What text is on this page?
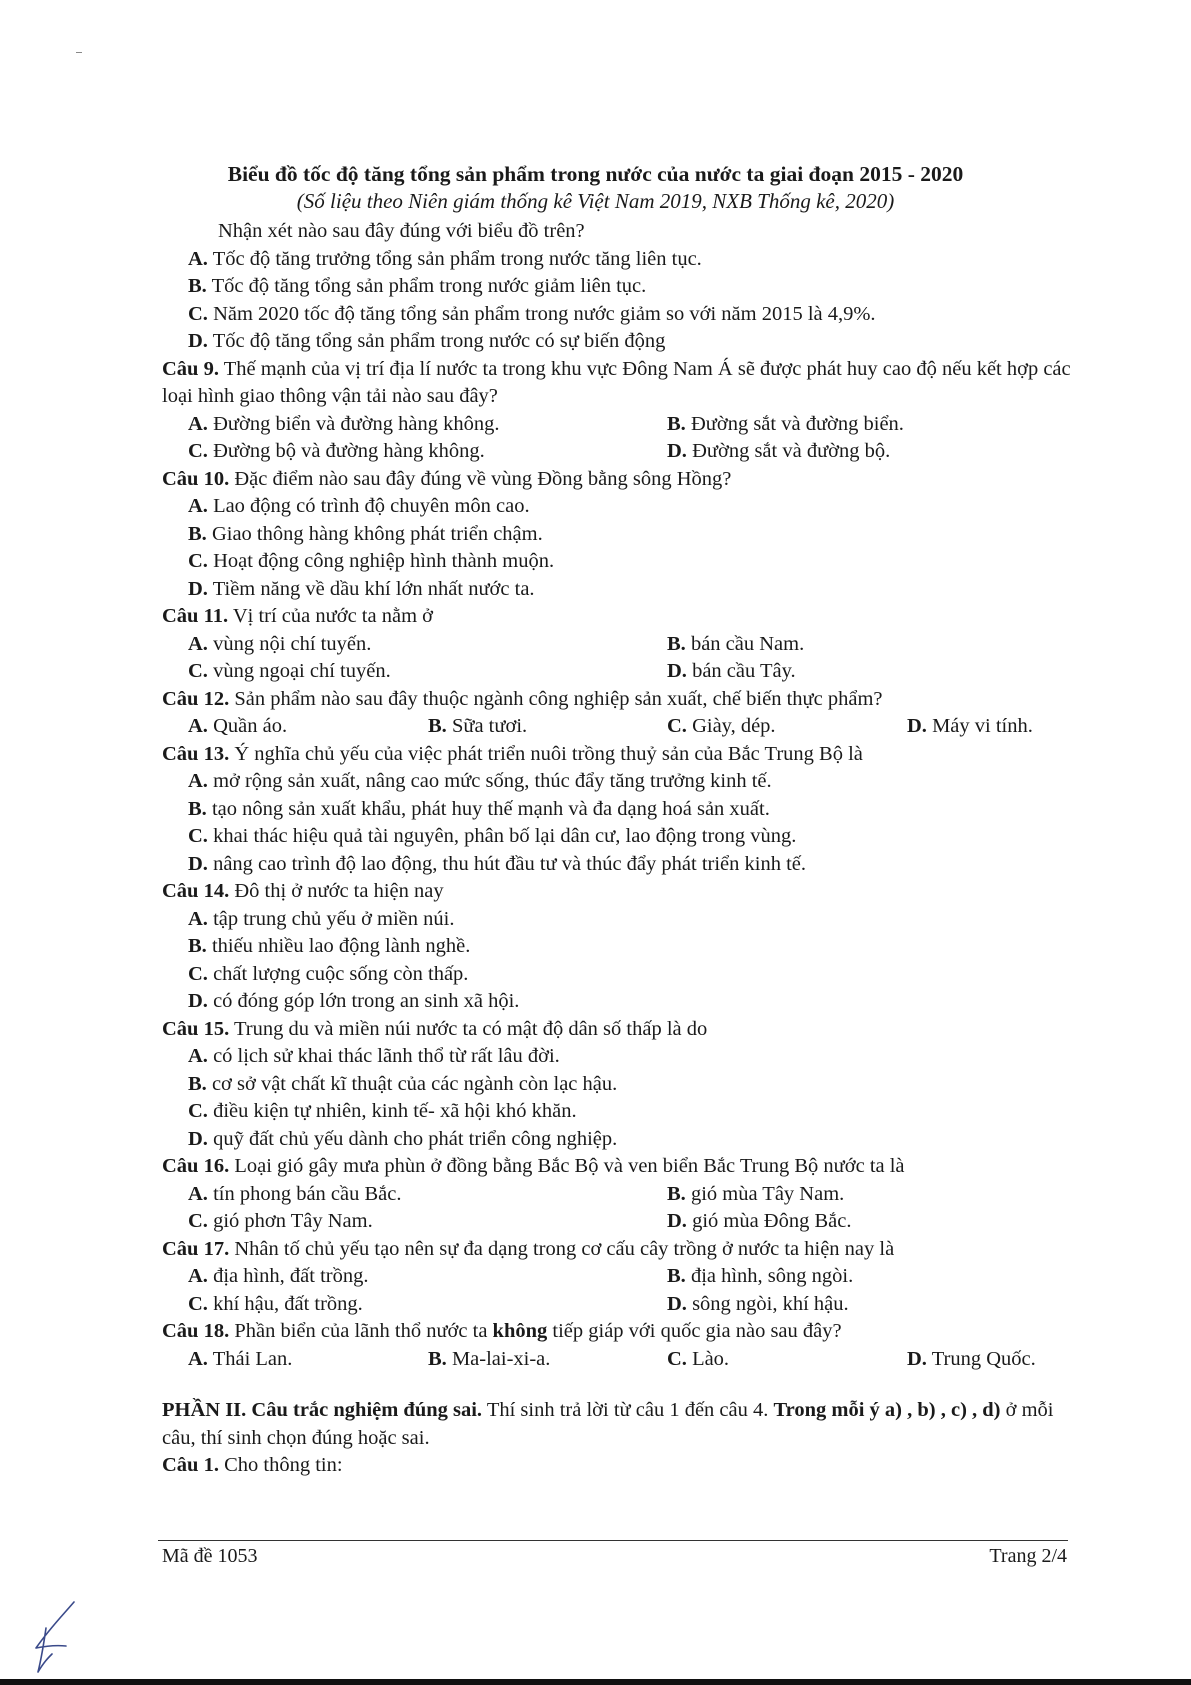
Biểu đồ tốc độ tăng tổng sản phẩm trong nước của nước ta giai đoạn 2015 - 2020
(Số liệu theo Niên giám thống kê Việt Nam 2019, NXB Thống kê, 2020)
Nhận xét nào sau đây đúng với biểu đồ trên?
A. Tốc độ tăng trưởng tổng sản phẩm trong nước tăng liên tục.
B. Tốc độ tăng tổng sản phẩm trong nước giảm liên tục.
C. Năm 2020 tốc độ tăng tổng sản phẩm trong nước giảm so với năm 2015 là 4,9%.
D. Tốc độ tăng tổng sản phẩm trong nước có sự biến động
Câu 9. Thế mạnh của vị trí địa lí nước ta trong khu vực Đông Nam Á sẽ được phát huy cao độ nếu kết hợp các loại hình giao thông vận tải nào sau đây?
A. Đường biển và đường hàng không.	B. Đường sắt và đường biển.
C. Đường bộ và đường hàng không.	D. Đường sắt và đường bộ.
Câu 10. Đặc điểm nào sau đây đúng về vùng Đồng bằng sông Hồng?
A. Lao động có trình độ chuyên môn cao.
B. Giao thông hàng không phát triển chậm.
C. Hoạt động công nghiệp hình thành muộn.
D. Tiềm năng về dầu khí lớn nhất nước ta.
Câu 11. Vị trí của nước ta nằm ở
A. vùng nội chí tuyến.	B. bán cầu Nam.
C. vùng ngoại chí tuyến.	D. bán cầu Tây.
Câu 12. Sản phẩm nào sau đây thuộc ngành công nghiệp sản xuất, chế biến thực phẩm?
A. Quần áo.	B. Sữa tươi.	C. Giày, dép.	D. Máy vi tính.
Câu 13. Ý nghĩa chủ yếu của việc phát triển nuôi trồng thuỷ sản của Bắc Trung Bộ là
A. mở rộng sản xuất, nâng cao mức sống, thúc đẩy tăng trưởng kinh tế.
B. tạo nông sản xuất khẩu, phát huy thế mạnh và đa dạng hoá sản xuất.
C. khai thác hiệu quả tài nguyên, phân bố lại dân cư, lao động trong vùng.
D. nâng cao trình độ lao động, thu hút đầu tư và thúc đẩy phát triển kinh tế.
Câu 14. Đô thị ở nước ta hiện nay
A. tập trung chủ yếu ở miền núi.
B. thiếu nhiều lao động lành nghề.
C. chất lượng cuộc sống còn thấp.
D. có đóng góp lớn trong an sinh xã hội.
Câu 15. Trung du và miền núi nước ta có mật độ dân số thấp là do
A. có lịch sử khai thác lãnh thổ từ rất lâu đời.
B. cơ sở vật chất kĩ thuật của các ngành còn lạc hậu.
C. điều kiện tự nhiên, kinh tế- xã hội khó khăn.
D. quỹ đất chủ yếu dành cho phát triển công nghiệp.
Câu 16. Loại gió gây mưa phùn ở đồng bằng Bắc Bộ và ven biển Bắc Trung Bộ nước ta là
A. tín phong bán cầu Bắc.	B. gió mùa Tây Nam.
C. gió phơn Tây Nam.	D. gió mùa Đông Bắc.
Câu 17. Nhân tố chủ yếu tạo nên sự đa dạng trong cơ cấu cây trồng ở nước ta hiện nay là
A. địa hình, đất trồng.	B. địa hình, sông ngòi.
C. khí hậu, đất trồng.	D. sông ngòi, khí hậu.
Câu 18. Phần biển của lãnh thổ nước ta không tiếp giáp với quốc gia nào sau đây?
A. Thái Lan.	B. Ma-lai-xi-a.	C. Lào.	D. Trung Quốc.
PHẦN II. Câu trắc nghiệm đúng sai. Thí sinh trả lời từ câu 1 đến câu 4. Trong mỗi ý a) , b) , c) , d) ở mỗi câu, thí sinh chọn đúng hoặc sai.
Câu 1. Cho thông tin:
Mã đề 1053	Trang 2/4
